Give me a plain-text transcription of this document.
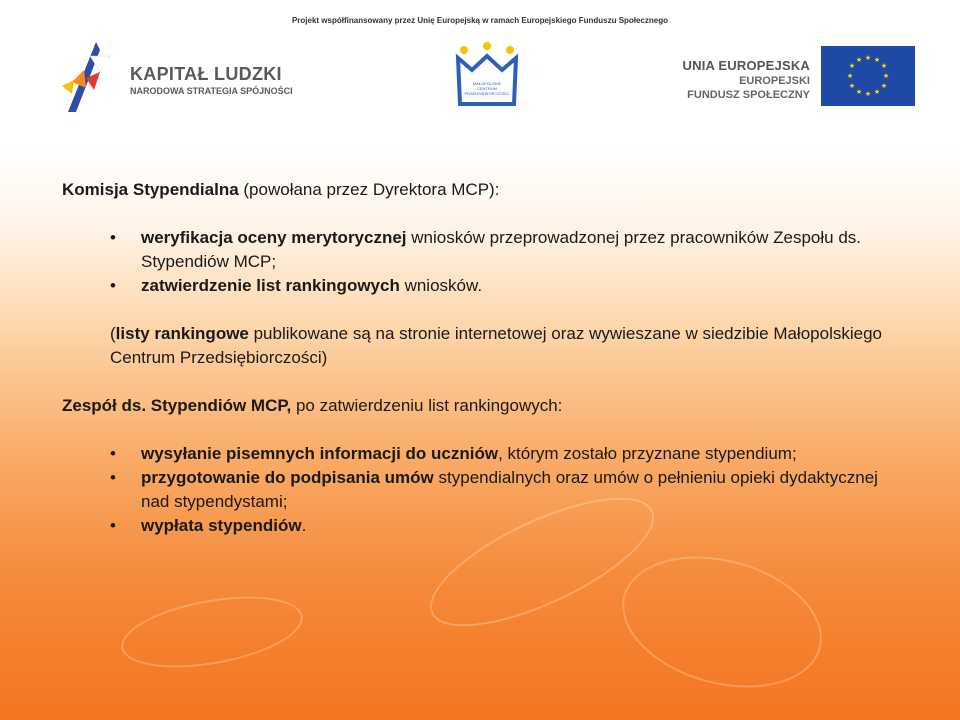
Projekt współfinansowany przez Unię Europejską w ramach Europejskiego Funduszu Społecznego
KAPITAŁ LUDZKI
NARODOWA STRATEGIA SPÓJNOŚCI
MAŁOPOLSKIE
CENTRUM
PRZEDSIĘBIORCZOŚCI
UNIA EUROPEJSKA
EUROPEJSKI
FUNDUSZ SPOŁECZNY
★ ★
★
★
★
★
★
★
★
★
★
★

Komisja Stypendialna (powołana przez Dyrektora MCP):

• weryfikacja oceny merytorycznej wniosków przeprowadzonej przez pracowników Zespołu ds. Stypendiów MCP;
• zatwierdzenie list rankingowych wniosków.

(listy rankingowe publikowane są na stronie internetowej oraz wywieszane w siedzibie Małopolskiego Centrum Przedsiębiorczości)

Zespół ds. Stypendiów MCP, po zatwierdzeniu list rankingowych:

• wysyłanie pisemnych informacji do uczniów, którym zostało przyznane stypendium;
• przygotowanie do podpisania umów stypendialnych oraz umów o pełnieniu opieki dydaktycznej nad stypendystami;
• wypłata stypendiów.
